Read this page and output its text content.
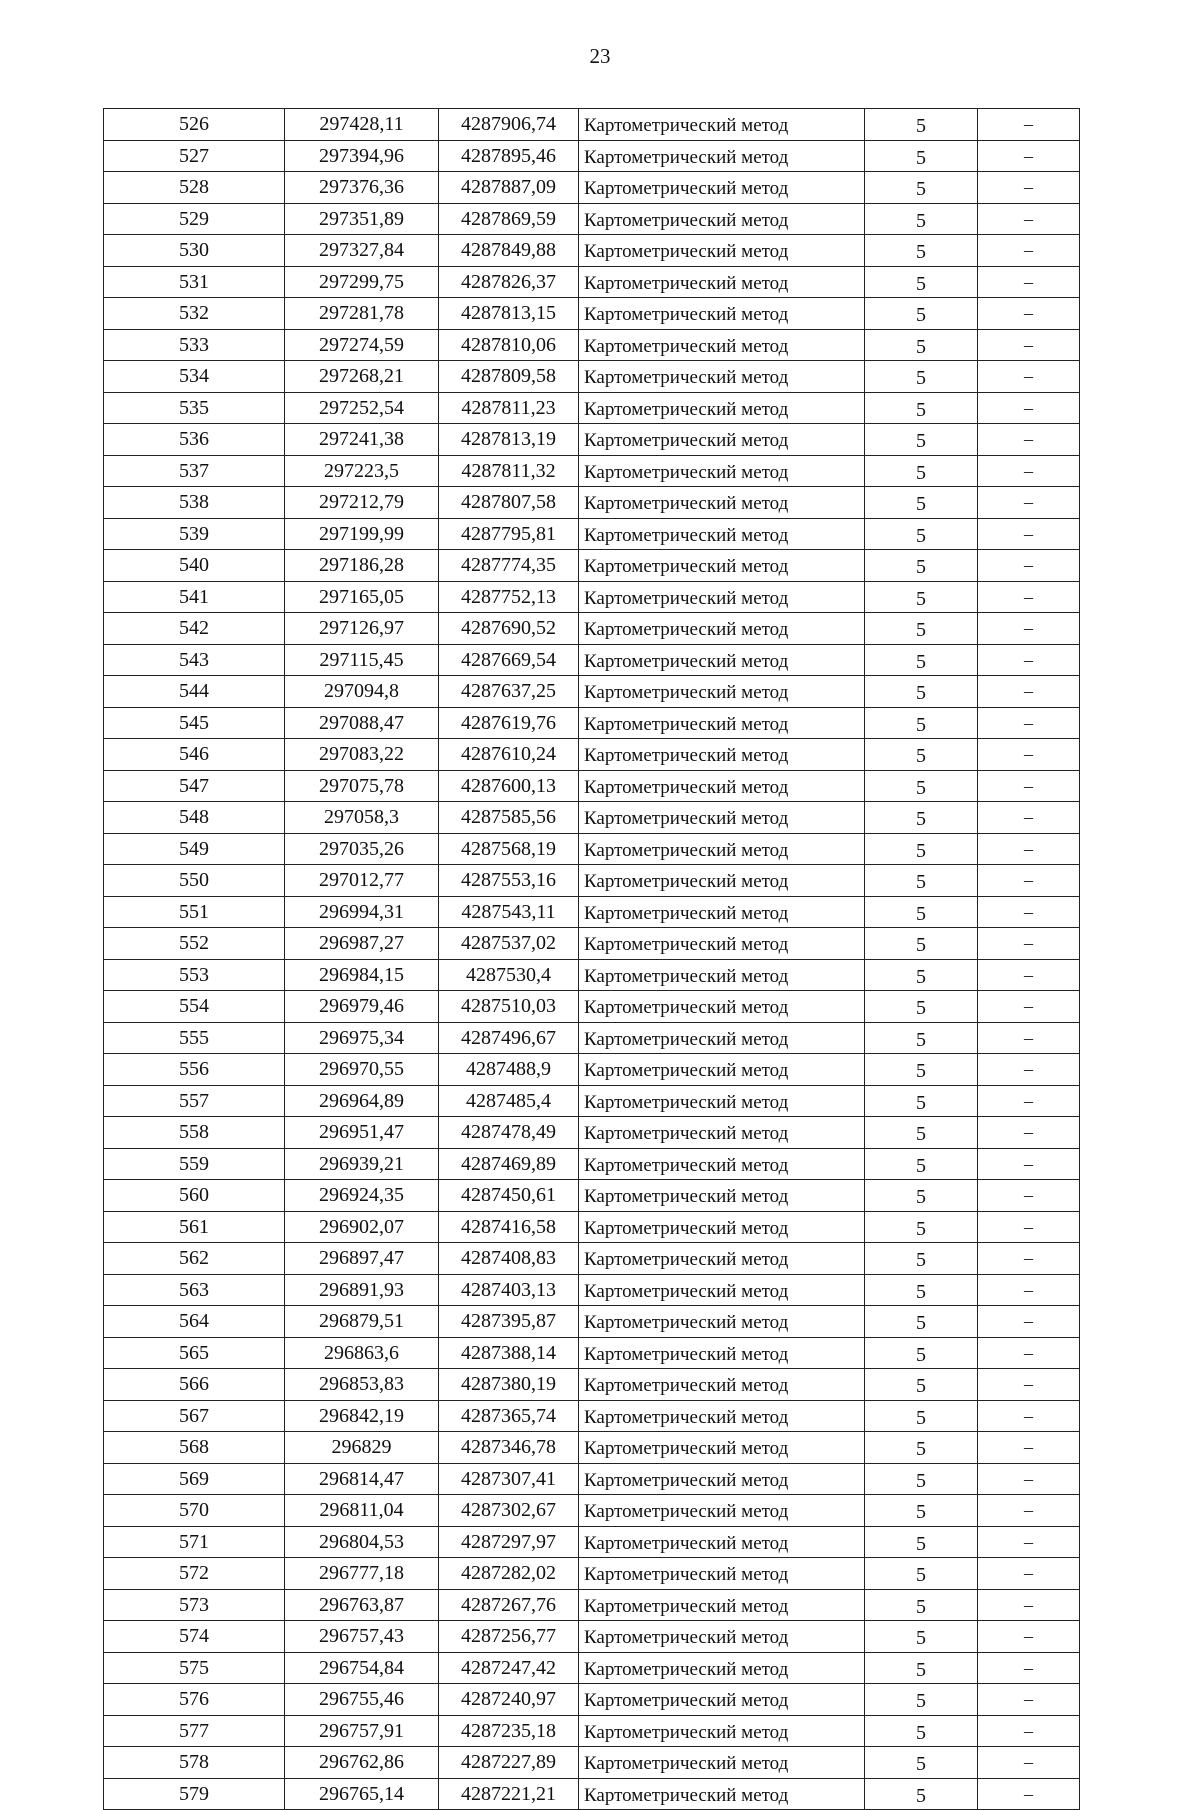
23
526	297428,11	4287906,74	Картометрический метод	5	–
527	297394,96	4287895,46	Картометрический метод	5	–
528	297376,36	4287887,09	Картометрический метод	5	–
529	297351,89	4287869,59	Картометрический метод	5	–
530	297327,84	4287849,88	Картометрический метод	5	–
531	297299,75	4287826,37	Картометрический метод	5	–
532	297281,78	4287813,15	Картометрический метод	5	–
533	297274,59	4287810,06	Картометрический метод	5	–
534	297268,21	4287809,58	Картометрический метод	5	–
535	297252,54	4287811,23	Картометрический метод	5	–
536	297241,38	4287813,19	Картометрический метод	5	–
537	297223,5	4287811,32	Картометрический метод	5	–
538	297212,79	4287807,58	Картометрический метод	5	–
539	297199,99	4287795,81	Картометрический метод	5	–
540	297186,28	4287774,35	Картометрический метод	5	–
541	297165,05	4287752,13	Картометрический метод	5	–
542	297126,97	4287690,52	Картометрический метод	5	–
543	297115,45	4287669,54	Картометрический метод	5	–
544	297094,8	4287637,25	Картометрический метод	5	–
545	297088,47	4287619,76	Картометрический метод	5	–
546	297083,22	4287610,24	Картометрический метод	5	–
547	297075,78	4287600,13	Картометрический метод	5	–
548	297058,3	4287585,56	Картометрический метод	5	–
549	297035,26	4287568,19	Картометрический метод	5	–
550	297012,77	4287553,16	Картометрический метод	5	–
551	296994,31	4287543,11	Картометрический метод	5	–
552	296987,27	4287537,02	Картометрический метод	5	–
553	296984,15	4287530,4	Картометрический метод	5	–
554	296979,46	4287510,03	Картометрический метод	5	–
555	296975,34	4287496,67	Картометрический метод	5	–
556	296970,55	4287488,9	Картометрический метод	5	–
557	296964,89	4287485,4	Картометрический метод	5	–
558	296951,47	4287478,49	Картометрический метод	5	–
559	296939,21	4287469,89	Картометрический метод	5	–
560	296924,35	4287450,61	Картометрический метод	5	–
561	296902,07	4287416,58	Картометрический метод	5	–
562	296897,47	4287408,83	Картометрический метод	5	–
563	296891,93	4287403,13	Картометрический метод	5	–
564	296879,51	4287395,87	Картометрический метод	5	–
565	296863,6	4287388,14	Картометрический метод	5	–
566	296853,83	4287380,19	Картометрический метод	5	–
567	296842,19	4287365,74	Картометрический метод	5	–
568	296829	4287346,78	Картометрический метод	5	–
569	296814,47	4287307,41	Картометрический метод	5	–
570	296811,04	4287302,67	Картометрический метод	5	–
571	296804,53	4287297,97	Картометрический метод	5	–
572	296777,18	4287282,02	Картометрический метод	5	–
573	296763,87	4287267,76	Картометрический метод	5	–
574	296757,43	4287256,77	Картометрический метод	5	–
575	296754,84	4287247,42	Картометрический метод	5	–
576	296755,46	4287240,97	Картометрический метод	5	–
577	296757,91	4287235,18	Картометрический метод	5	–
578	296762,86	4287227,89	Картометрический метод	5	–
579	296765,14	4287221,21	Картометрический метод	5	–
